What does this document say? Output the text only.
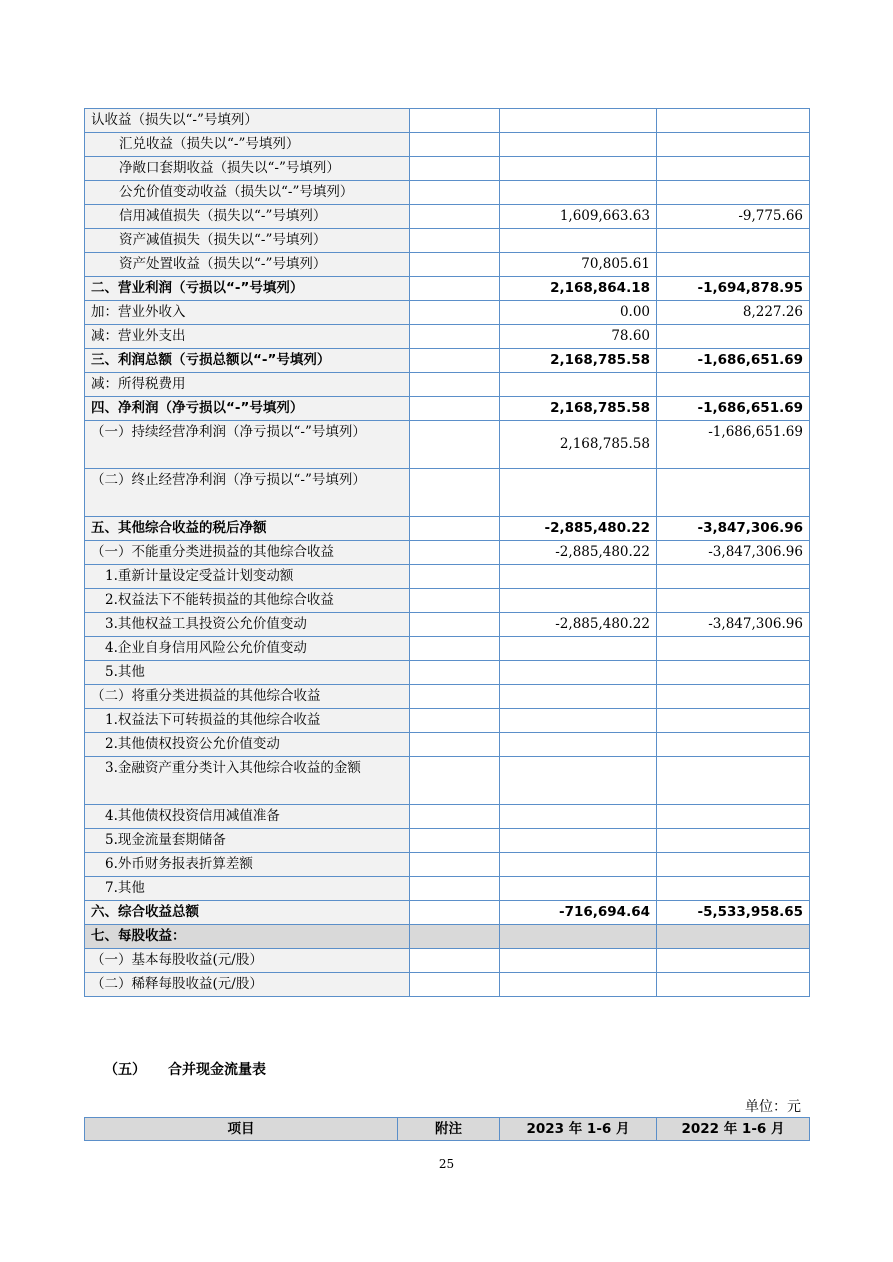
认收益（损失以“-”号填列）			
汇兑收益（损失以“-”号填列）			
净敞口套期收益（损失以“-”号填列）			
公允价值变动收益（损失以“-”号填列）			
信用减值损失（损失以“-”号填列）		1,609,663.63	-9,775.66
资产减值损失（损失以“-”号填列）			
资产处置收益（损失以“-”号填列）		70,805.61	
二、营业利润（亏损以“-”号填列）		2,168,864.18	-1,694,878.95
加：营业外收入		0.00	8,227.26
减：营业外支出		78.60	
三、利润总额（亏损总额以“-”号填列）		2,168,785.58	-1,686,651.69
减：所得税费用			
四、净利润（净亏损以“-”号填列）		2,168,785.58	-1,686,651.69
（一）持续经营净利润（净亏损以“-”号填列）		2,168,785.58	-1,686,651.69
（二）终止经营净利润（净亏损以“-”号填列）			
五、其他综合收益的税后净额		-2,885,480.22	-3,847,306.96
（一）不能重分类进损益的其他综合收益		-2,885,480.22	-3,847,306.96
1.重新计量设定受益计划变动额			
2.权益法下不能转损益的其他综合收益			
3.其他权益工具投资公允价值变动		-2,885,480.22	-3,847,306.96
4.企业自身信用风险公允价值变动			
5.其他			
（二）将重分类进损益的其他综合收益			
1.权益法下可转损益的其他综合收益			
2.其他债权投资公允价值变动			
3.金融资产重分类计入其他综合收益的金额			
4.其他债权投资信用减值准备			
5.现金流量套期储备			
6.外币财务报表折算差额			
7.其他			
六、综合收益总额		-716,694.64	-5,533,958.65
七、每股收益：			
（一）基本每股收益(元/股）			
（二）稀释每股收益(元/股）			
（五） 合并现金流量表
单位：元
项目	附注	2023 年 1-6 月	2022 年 1-6 月
25
